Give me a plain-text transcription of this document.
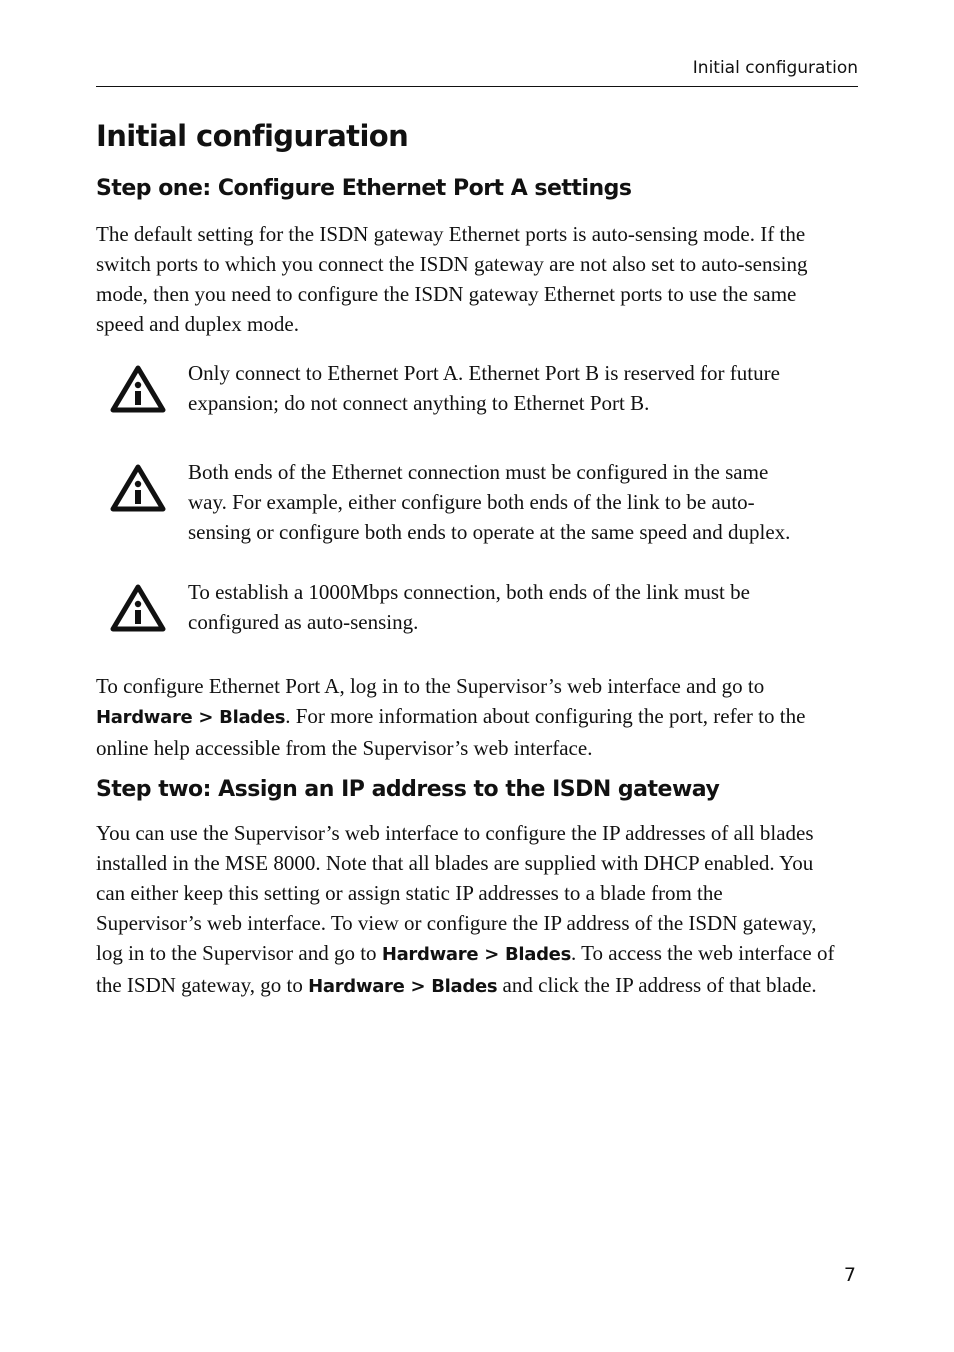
Initial configuration
Initial configuration
Step one: Configure Ethernet Port A settings

The default setting for the ISDN gateway Ethernet ports is auto-sensing mode. If the
switch ports to which you connect the ISDN gateway are not also set to auto-sensing
mode, then you need to configure the ISDN gateway Ethernet ports to use the same
speed and duplex mode.

Only connect to Ethernet Port A. Ethernet Port B is reserved for future
expansion; do not connect anything to Ethernet Port B.

Both ends of the Ethernet connection must be configured in the same
way. For example, either configure both ends of the link to be auto-
sensing or configure both ends to operate at the same speed and duplex.

To establish a 1000Mbps connection, both ends of the link must be
configured as auto-sensing.

To configure Ethernet Port A, log in to the Supervisor’s web interface and go to
Hardware > Blades. For more information about configuring the port, refer to the
online help accessible from the Supervisor’s web interface.

Step two: Assign an IP address to the ISDN gateway

You can use the Supervisor’s web interface to configure the IP addresses of all blades
installed in the MSE 8000. Note that all blades are supplied with DHCP enabled. You
can either keep this setting or assign static IP addresses to a blade from the
Supervisor’s web interface. To view or configure the IP address of the ISDN gateway,
log in to the Supervisor and go to Hardware > Blades. To access the web interface of
the ISDN gateway, go to Hardware > Blades and click the IP address of that blade.

7
